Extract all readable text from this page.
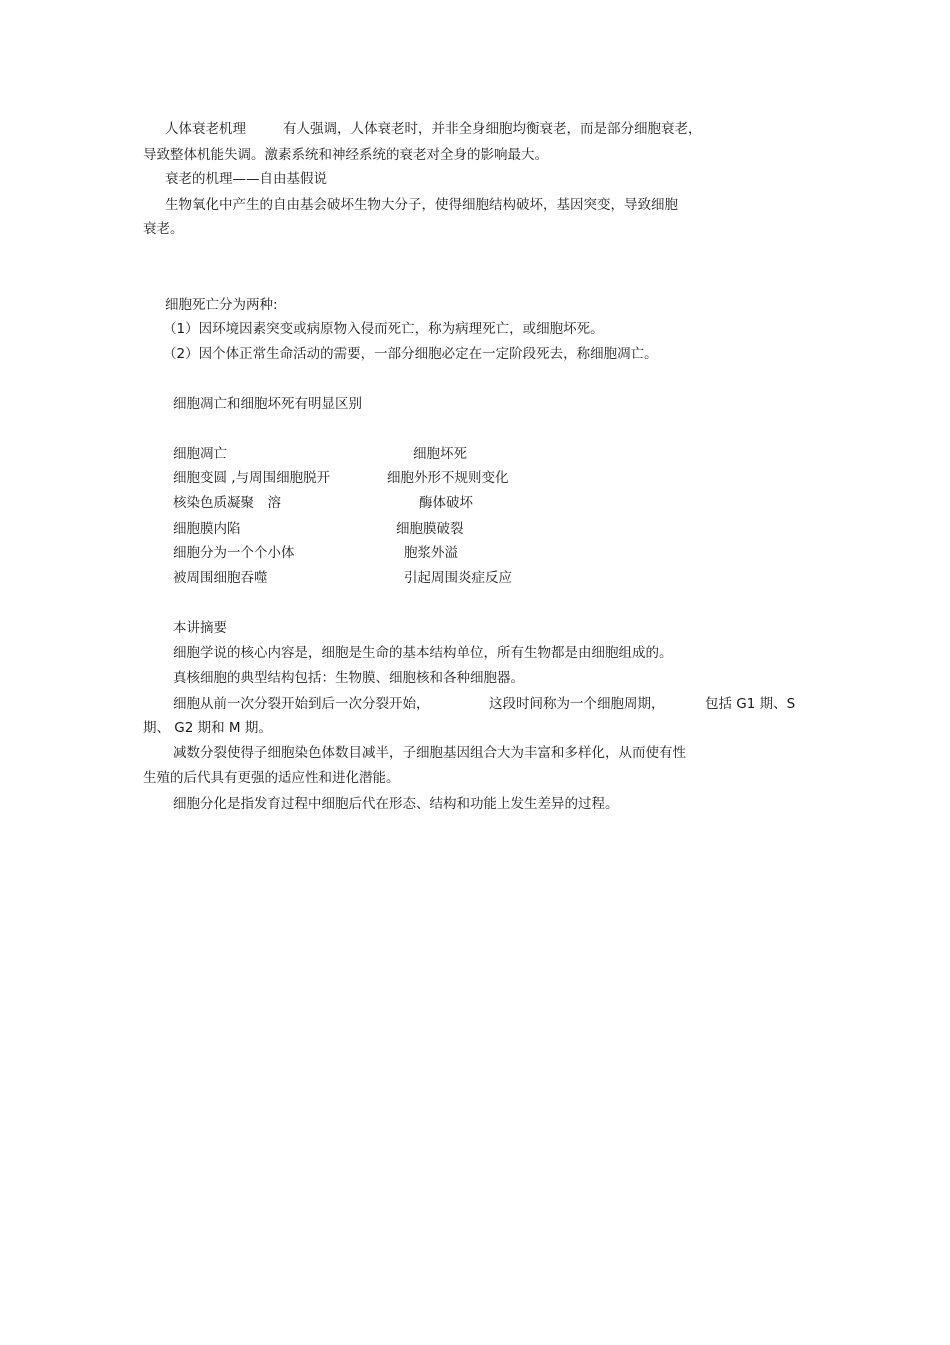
人体衰老机理	有人强调，人体衰老时，并非全身细胞均衡衰老，而是部分细胞衰老，

导致整体机能失调。激素系统和神经系统的衰老对全身的影响最大。

衰老的机理——自由基假说

生物氧化中产生的自由基会破坏生物大分子，使得细胞结构破坏，基因突变，导致细胞

衰老。

细胞死亡分为两种:

（1）因环境因素突变或病原物入侵而死亡，称为病理死亡，或细胞坏死。

（2）因个体正常生命活动的需要，一部分细胞必定在一定阶段死去，称细胞凋亡。

细胞凋亡和细胞坏死有明显区别

细胞凋亡	细胞坏死
细胞变圆 ,与周围细胞脱开	细胞外形不规则变化
核染色质凝聚　溶	酶体破坏
细胞膜内陷	细胞膜破裂
细胞分为一个个小体	胞浆外溢
被周围细胞吞噬	引起周围炎症反应

本讲摘要

细胞学说的核心内容是，细胞是生命的基本结构单位，所有生物都是由细胞组成的。

真核细胞的典型结构包括：生物膜、细胞核和各种细胞器。

细胞从前一次分裂开始到后一次分裂开始，	这段时间称为一个细胞周期，	包括 G1 期、S

期、 G2 期和 M 期。

减数分裂使得子细胞染色体数目减半，子细胞基因组合大为丰富和多样化，从而使有性

生殖的后代具有更强的适应性和进化潜能。

细胞分化是指发育过程中细胞后代在形态、结构和功能上发生差异的过程。
